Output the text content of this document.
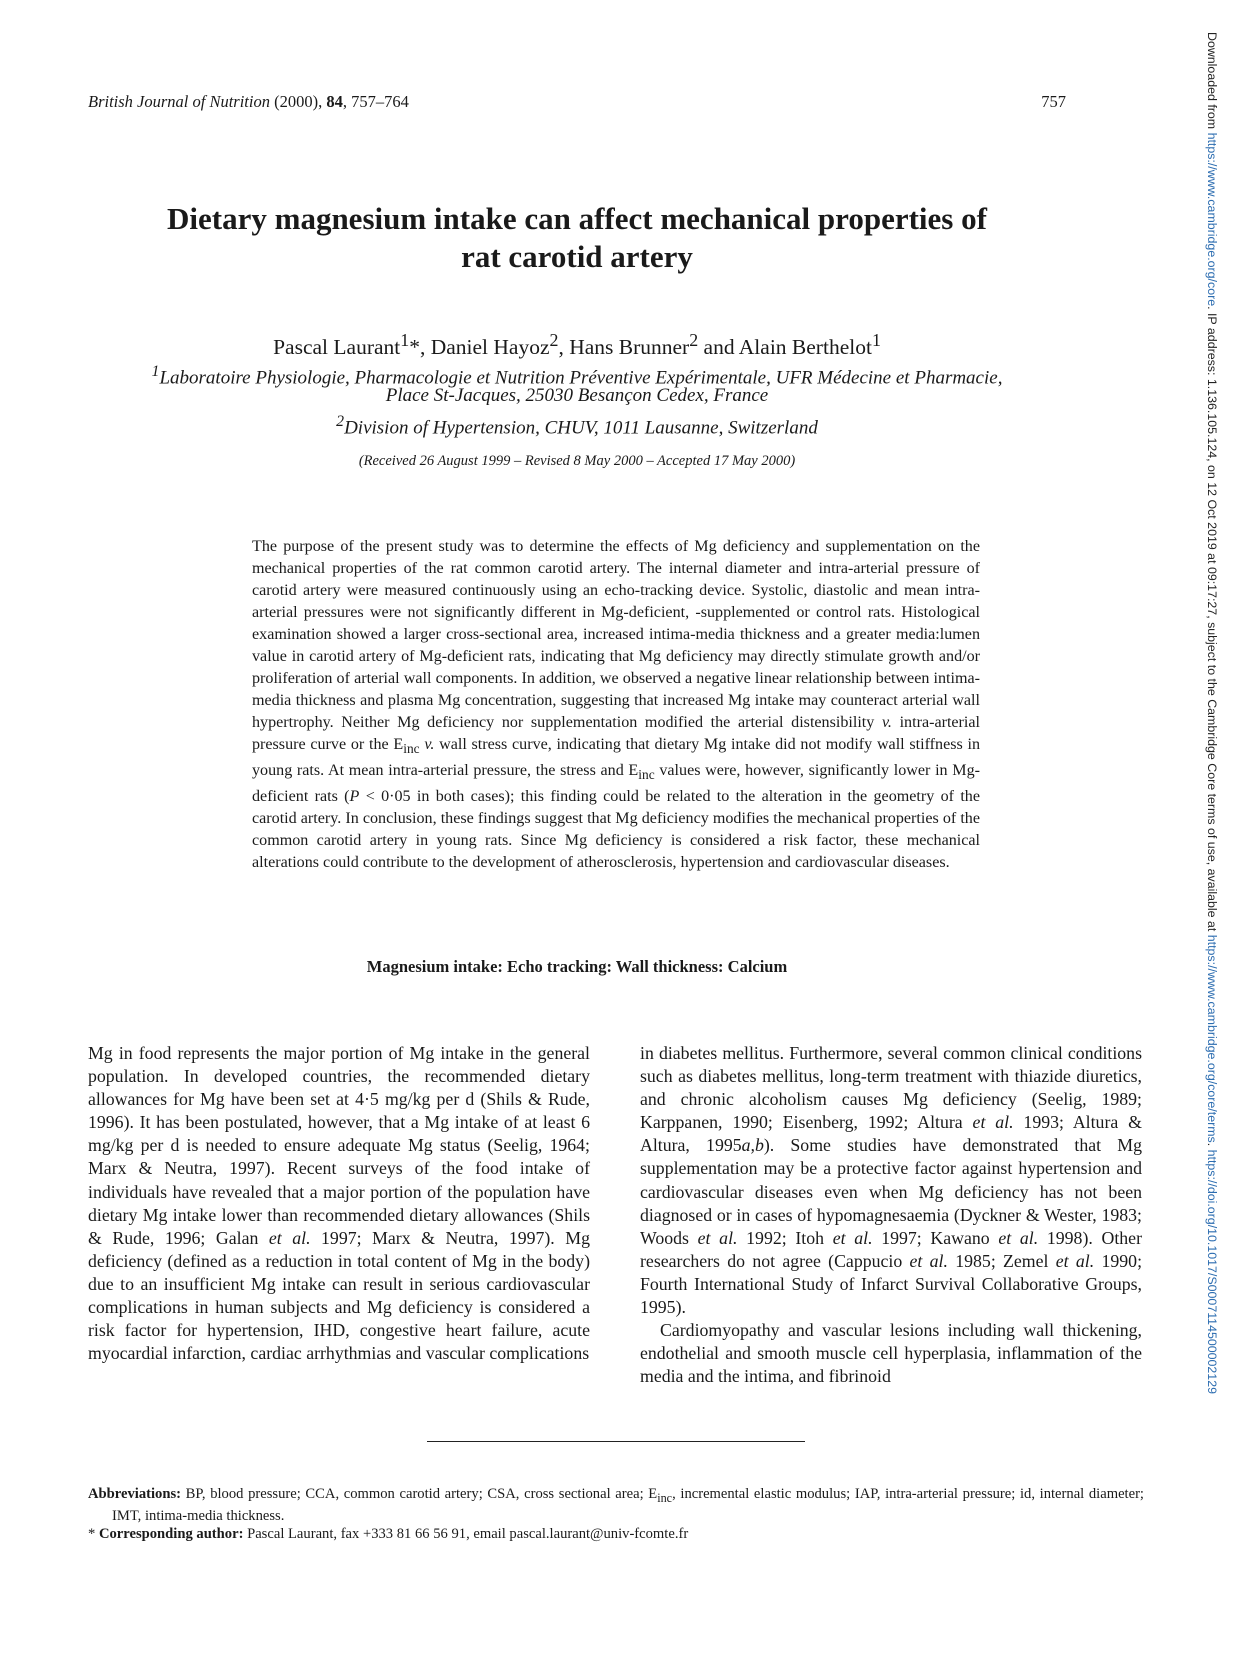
British Journal of Nutrition (2000), 84, 757–764	757
Dietary magnesium intake can affect mechanical properties of
rat carotid artery
Pascal Laurant$^1$*, Daniel Hayoz$^2$, Hans Brunner$^2$ and Alain Berthelot$^1$
$^1$Laboratoire Physiologie, Pharmacologie et Nutrition Préventive Expérimentale, UFR Médecine et Pharmacie,
Place St-Jacques, 25030 Besançon Cedex, France
$^2$Division of Hypertension, CHUV, 1011 Lausanne, Switzerland
(Received 26 August 1999 – Revised 8 May 2000 – Accepted 17 May 2000)
The purpose of the present study was to determine the effects of Mg deficiency and supplementation on the mechanical properties of the rat common carotid artery. The internal diameter and intra-arterial pressure of carotid artery were measured continuously using an echo-tracking device. Systolic, diastolic and mean intra-arterial pressures were not significantly different in Mg-deficient, -supplemented or control rats. Histological examination showed a larger cross-sectional area, increased intima-media thickness and a greater media:lumen value in carotid artery of Mg-deficient rats, indicating that Mg deficiency may directly stimulate growth and/or proliferation of arterial wall components. In addition, we observed a negative linear relationship between intima-media thickness and plasma Mg concentration, suggesting that increased Mg intake may counteract arterial wall hypertrophy. Neither Mg deficiency nor supplementation modified the arterial distensibility v. intra-arterial pressure curve or the $E_{inc}$ v. wall stress curve, indicating that dietary Mg intake did not modify wall stiffness in young rats. At mean intra-arterial pressure, the stress and $E_{inc}$ values were, however, significantly lower in Mg-deficient rats (P < 0·05 in both cases); this finding could be related to the alteration in the geometry of the carotid artery. In conclusion, these findings suggest that Mg deficiency modifies the mechanical properties of the common carotid artery in young rats. Since Mg deficiency is considered a risk factor, these mechanical alterations could contribute to the development of atherosclerosis, hypertension and cardiovascular diseases.
Magnesium intake: Echo tracking: Wall thickness: Calcium

Mg in food represents the major portion of Mg intake in the general population. In developed countries, the recommended dietary allowances for Mg have been set at 4·5 mg/kg per d (Shils & Rude, 1996). It has been postulated, however, that a Mg intake of at least 6 mg/kg per d is needed to ensure adequate Mg status (Seelig, 1964; Marx & Neutra, 1997). Recent surveys of the food intake of individuals have revealed that a major portion of the population have dietary Mg intake lower than recommended dietary allowances (Shils & Rude, 1996; Galan et al. 1997; Marx & Neutra, 1997). Mg deficiency (defined as a reduction in total content of Mg in the body) due to an insufficient Mg intake can result in serious cardiovascular complications in human subjects and Mg deficiency is considered a risk factor for hypertension, IHD, congestive heart failure, acute myocardial infarction, cardiac arrhythmias and vascular complications

in diabetes mellitus. Furthermore, several common clinical conditions such as diabetes mellitus, long-term treatment with thiazide diuretics, and chronic alcoholism causes Mg deficiency (Seelig, 1989; Karppanen, 1990; Eisenberg, 1992; Altura et al. 1993; Altura & Altura, 1995a,b). Some studies have demonstrated that Mg supplementation may be a protective factor against hypertension and cardiovascular diseases even when Mg deficiency has not been diagnosed or in cases of hypomagnesaemia (Dyckner & Wester, 1983; Woods et al. 1992; Itoh et al. 1997; Kawano et al. 1998). Other researchers do not agree (Cappucio et al. 1985; Zemel et al. 1990; Fourth International Study of Infarct Survival Collaborative Groups, 1995).

Cardiomyopathy and vascular lesions including wall thickening, endothelial and smooth muscle cell hyperplasia, inflammation of the media and the intima, and fibrinoid

Abbreviations: BP, blood pressure; CCA, common carotid artery; CSA, cross sectional area; $E_{inc}$, incremental elastic modulus; IAP, intra-arterial pressure; id, internal diameter; IMT, intima-media thickness.

* Corresponding author: Pascal Laurant, fax +333 81 66 56 91, email pascal.laurant@univ-fcomte.fr

Downloaded from https://www.cambridge.org/core. IP address: 1.136.105.124, on 12 Oct 2019 at 09:17:27, subject to the Cambridge Core terms of use, available at https://www.cambridge.org/core/terms. https://doi.org/10.1017/S0007114500002129
